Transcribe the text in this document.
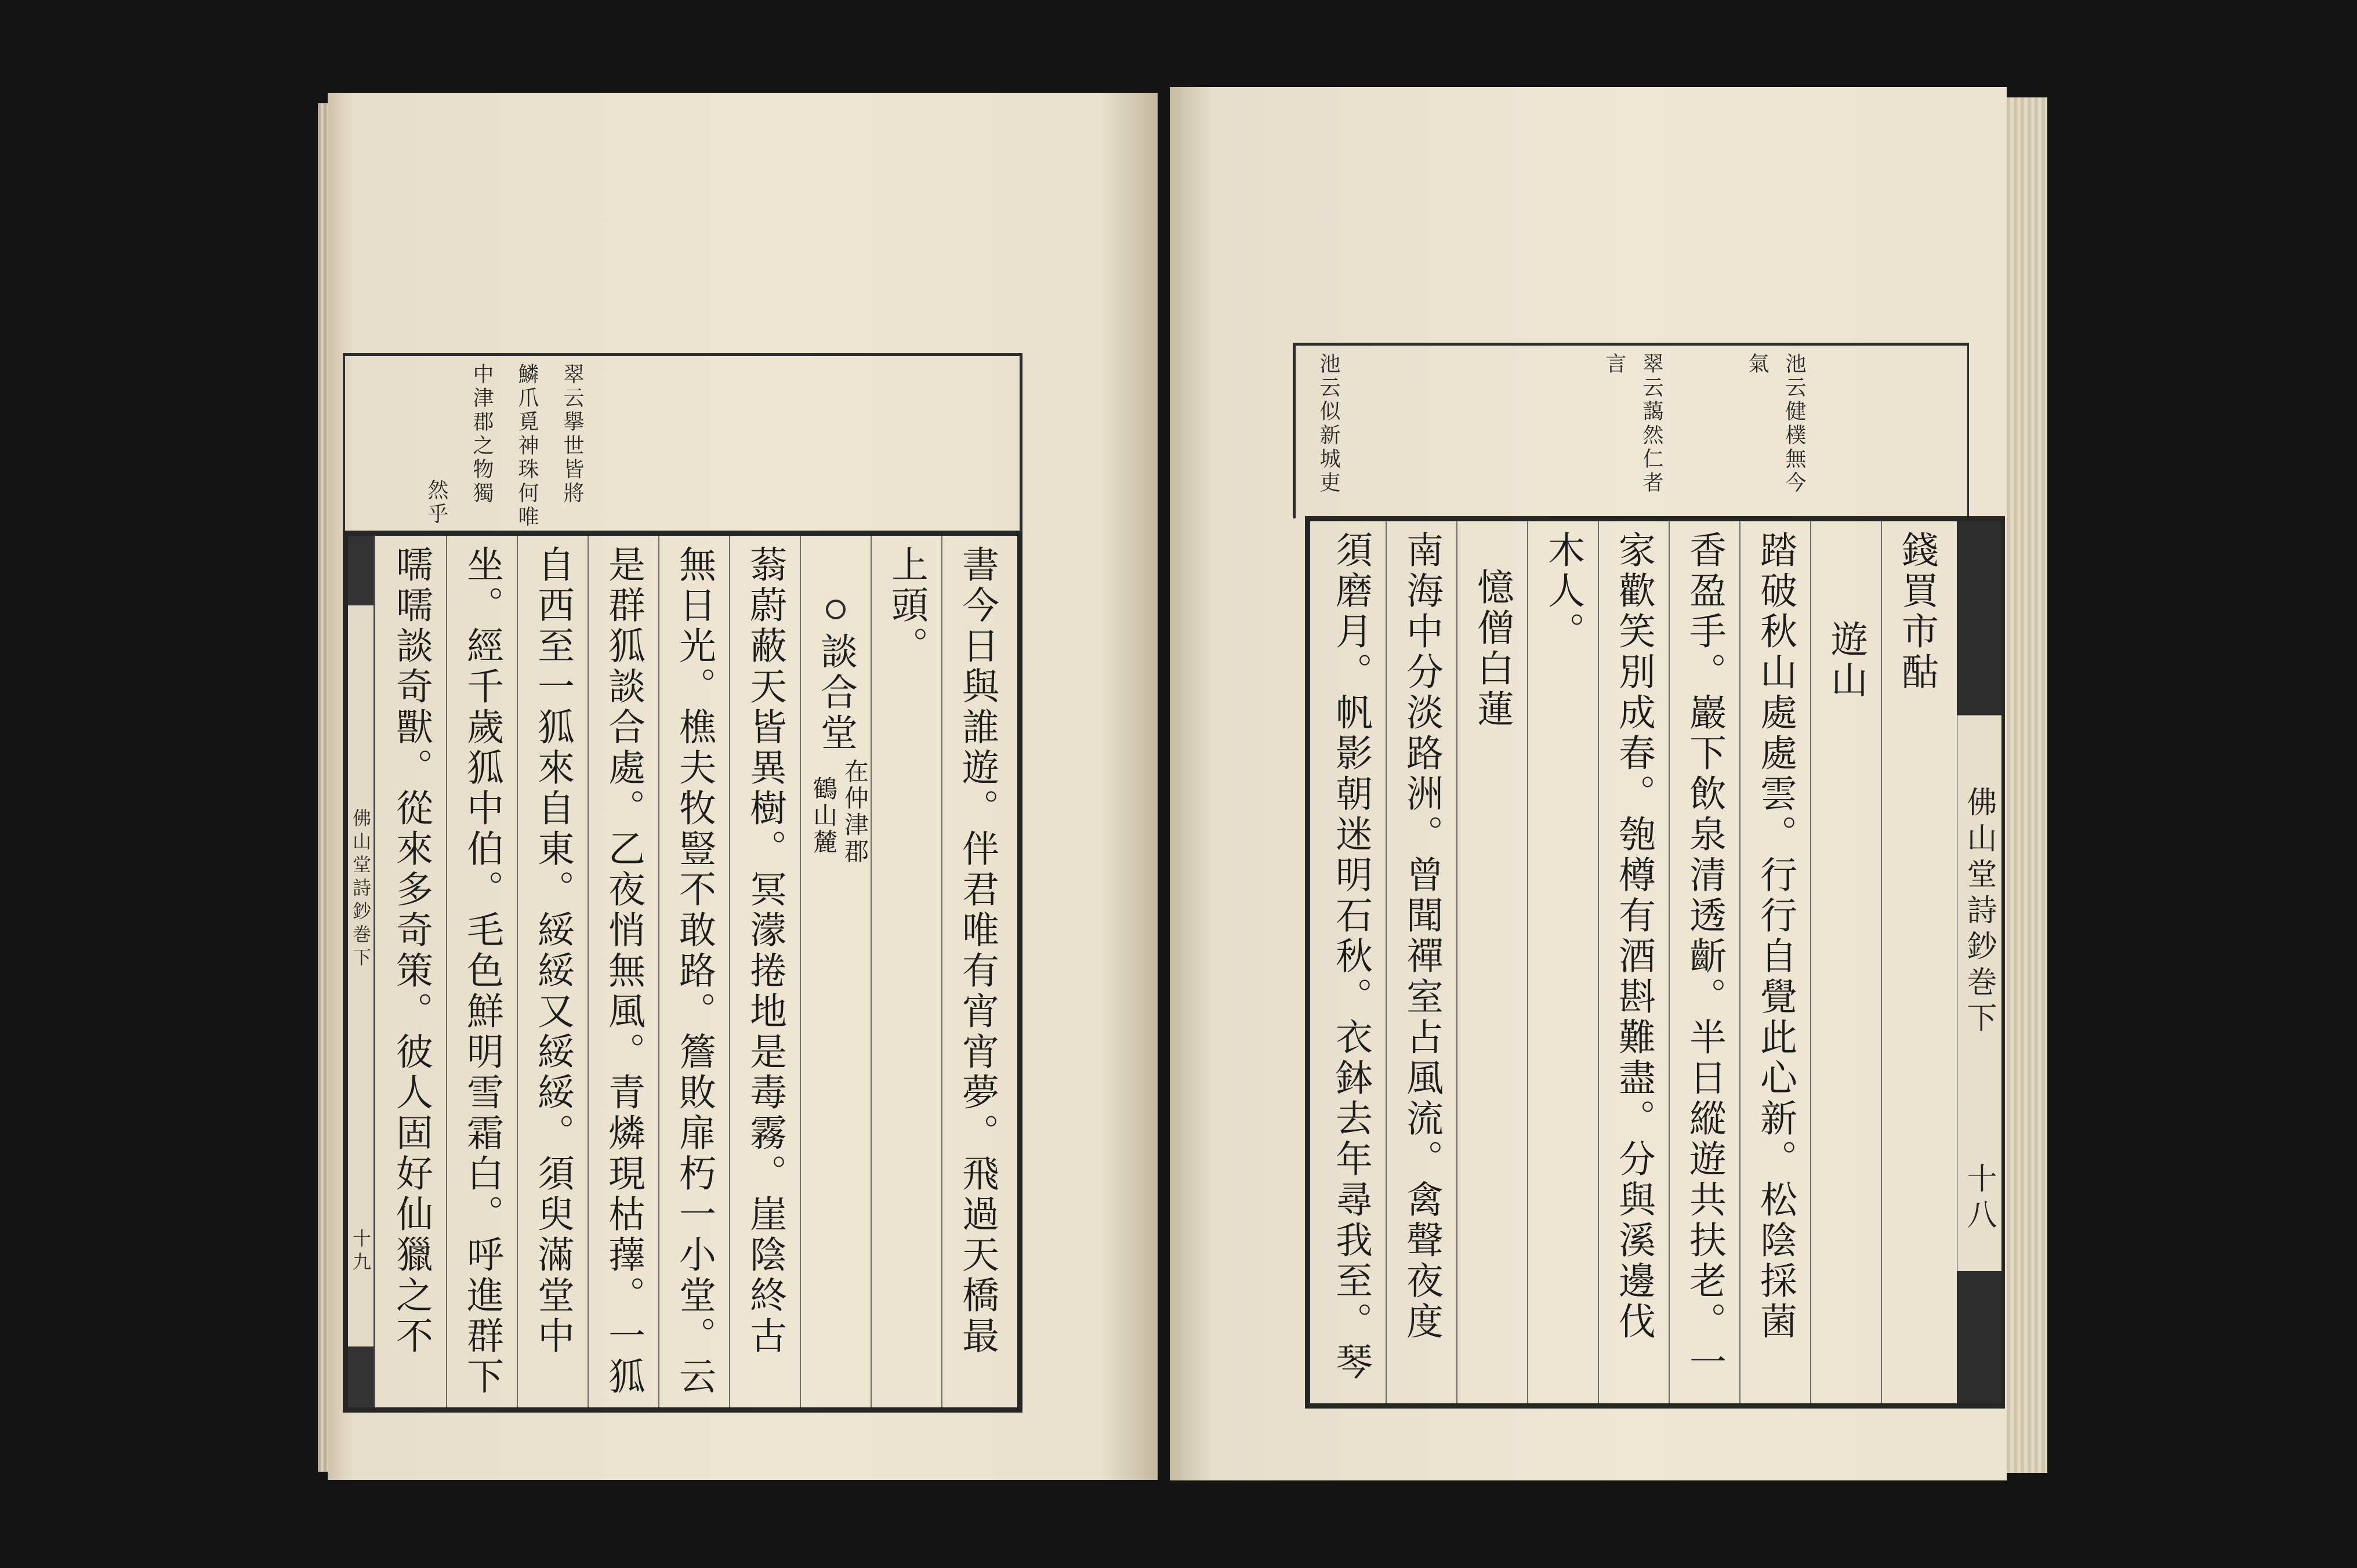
池云健樸無今
氣
翠云藹然仁者
言
池云似新城吏
錢買市酤
遊山
踏破秋山處處雲。行行自覺此心新。松陰採菌
香盈手。巖下飲泉清透齗。半日縱遊共扶老。一
家歡笑別成春。匏樽有酒斟難盡。分與溪邊伐
木人。
憶僧白蓮
南海中分淡路洲。曾聞禪室占風流。禽聲夜度
須磨月。帆影朝迷明石秋。衣鉢去年尋我至。琴	佛山堂詩鈔巻下
十八
翠云擧世皆將
鱗爪覓神珠何唯
中津郡之物獨
然乎
佛山堂詩鈔巻下
十九	書今日與誰遊。伴君唯有宵宵夢。飛過天橋最
上頭。
談合堂
在仲津郡
鶴山麓
蓊蔚蔽天皆異樹。冥濛捲地是毒霧。崖陰終古
無日光。樵夫牧豎不敢路。簷敗扉朽一小堂。云
是群狐談合處。乙夜悄無風。青燐現枯蘀。一狐
自西至一狐來自東。綏綏又綏綏。須臾滿堂中
坐。經千歲狐中伯。毛色鮮明雪霜白。呼進群下
嚅嚅談奇獸。從來多奇策。彼人固好仙獵之不
